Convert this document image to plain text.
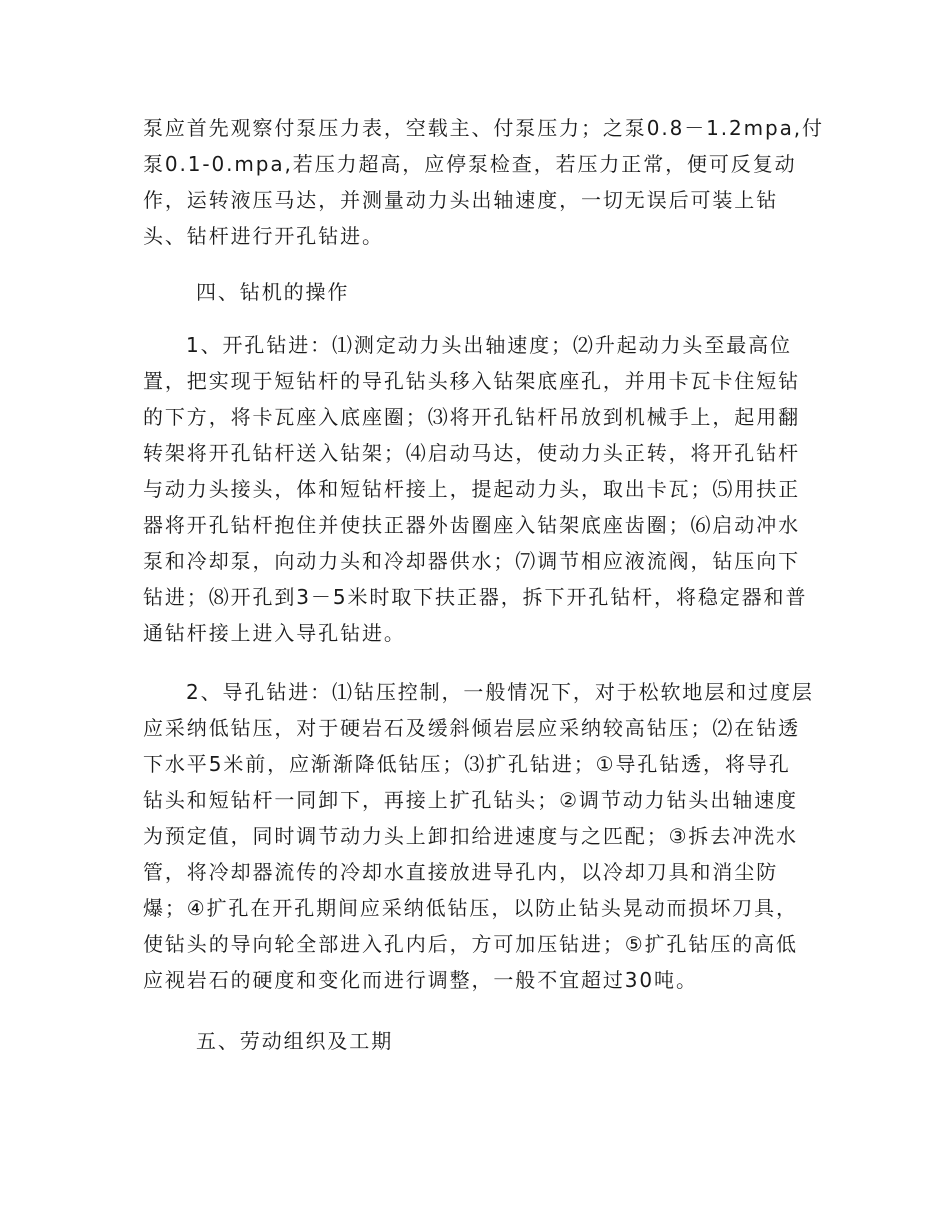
泵应首先观察付泵压力表，空载主、付泵压力；之泵0.8－1.2mpa,付
泵0.1-0.mpa,若压力超高，应停泵检查，若压力正常，便可反复动
作，运转液压马达，并测量动力头出轴速度，一切无误后可装上钻
头、钻杆进行开孔钻进。
四、钻机的操作
1、开孔钻进：⑴测定动力头出轴速度；⑵升起动力头至最高位
置，把实现于短钻杆的导孔钻头移入钻架底座孔，并用卡瓦卡住短钻
的下方，将卡瓦座入底座圈；⑶将开孔钻杆吊放到机械手上，起用翻
转架将开孔钻杆送入钻架；⑷启动马达，使动力头正转，将开孔钻杆
与动力头接头，体和短钻杆接上，提起动力头，取出卡瓦；⑸用扶正
器将开孔钻杆抱住并使扶正器外齿圈座入钻架底座齿圈；⑹启动冲水
泵和冷却泵，向动力头和冷却器供水；⑺调节相应液流阀，钻压向下
钻进；⑻开孔到3－5米时取下扶正器，拆下开孔钻杆，将稳定器和普
通钻杆接上进入导孔钻进。
2、导孔钻进：⑴钻压控制，一般情况下，对于松软地层和过度层
应采纳低钻压，对于硬岩石及缓斜倾岩层应采纳较高钻压；⑵在钻透
下水平5米前，应渐渐降低钻压；⑶扩孔钻进；①导孔钻透，将导孔
钻头和短钻杆一同卸下，再接上扩孔钻头；②调节动力钻头出轴速度
为预定值，同时调节动力头上卸扣给进速度与之匹配；③拆去冲洗水
管，将冷却器流传的冷却水直接放进导孔内，以冷却刀具和消尘防
爆；④扩孔在开孔期间应采纳低钻压，以防止钻头晃动而损坏刀具，
使钻头的导向轮全部进入孔内后，方可加压钻进；⑤扩孔钻压的高低
应视岩石的硬度和变化而进行调整，一般不宜超过30吨。
五、劳动组织及工期
